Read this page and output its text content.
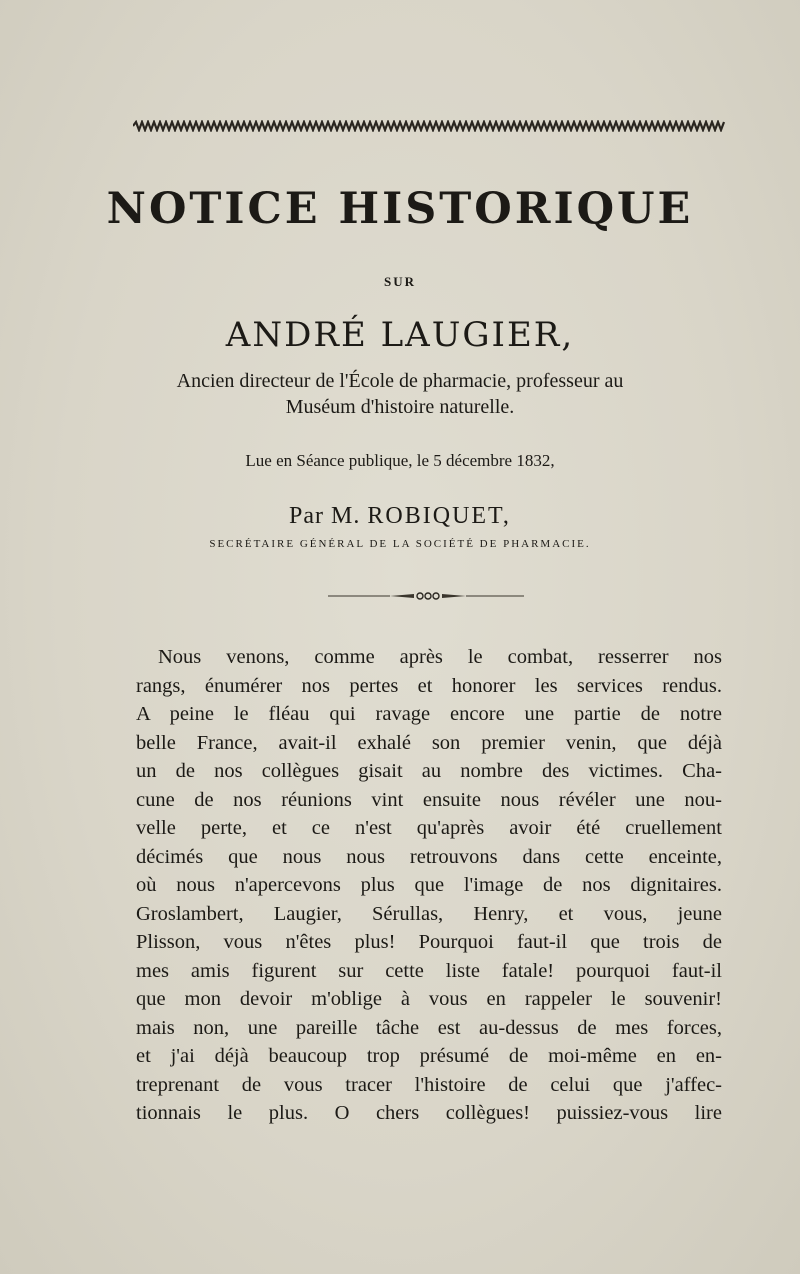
NOTICE HISTORIQUE
SUR
ANDRÉ LAUGIER,
Ancien directeur de l'École de pharmacie, professeur au
Muséum d'histoire naturelle.
Lue en Séance publique, le 5 décembre 1832,
Par M. ROBIQUET,
SECRÉTAIRE GÉNÉRAL DE LA SOCIÉTÉ DE PHARMACIE.
Nous venons, comme après le combat, resserrer nos
rangs, énumérer nos pertes et honorer les services rendus.
A peine le fléau qui ravage encore une partie de notre
belle France, avait-il exhalé son premier venin, que déjà
un de nos collègues gisait au nombre des victimes. Cha-
cune de nos réunions vint ensuite nous révéler une nou-
velle perte, et ce n'est qu'après avoir été cruellement
décimés que nous nous retrouvons dans cette enceinte,
où nous n'apercevons plus que l'image de nos dignitaires.
Groslambert, Laugier, Sérullas, Henry, et vous, jeune
Plisson, vous n'êtes plus! Pourquoi faut-il que trois de
mes amis figurent sur cette liste fatale! pourquoi faut-il
que mon devoir m'oblige à vous en rappeler le souvenir!
mais non, une pareille tâche est au-dessus de mes forces,
et j'ai déjà beaucoup trop présumé de moi-même en en-
treprenant de vous tracer l'histoire de celui que j'affec-
tionnais le plus. O chers collègues! puissiez-vous lire
